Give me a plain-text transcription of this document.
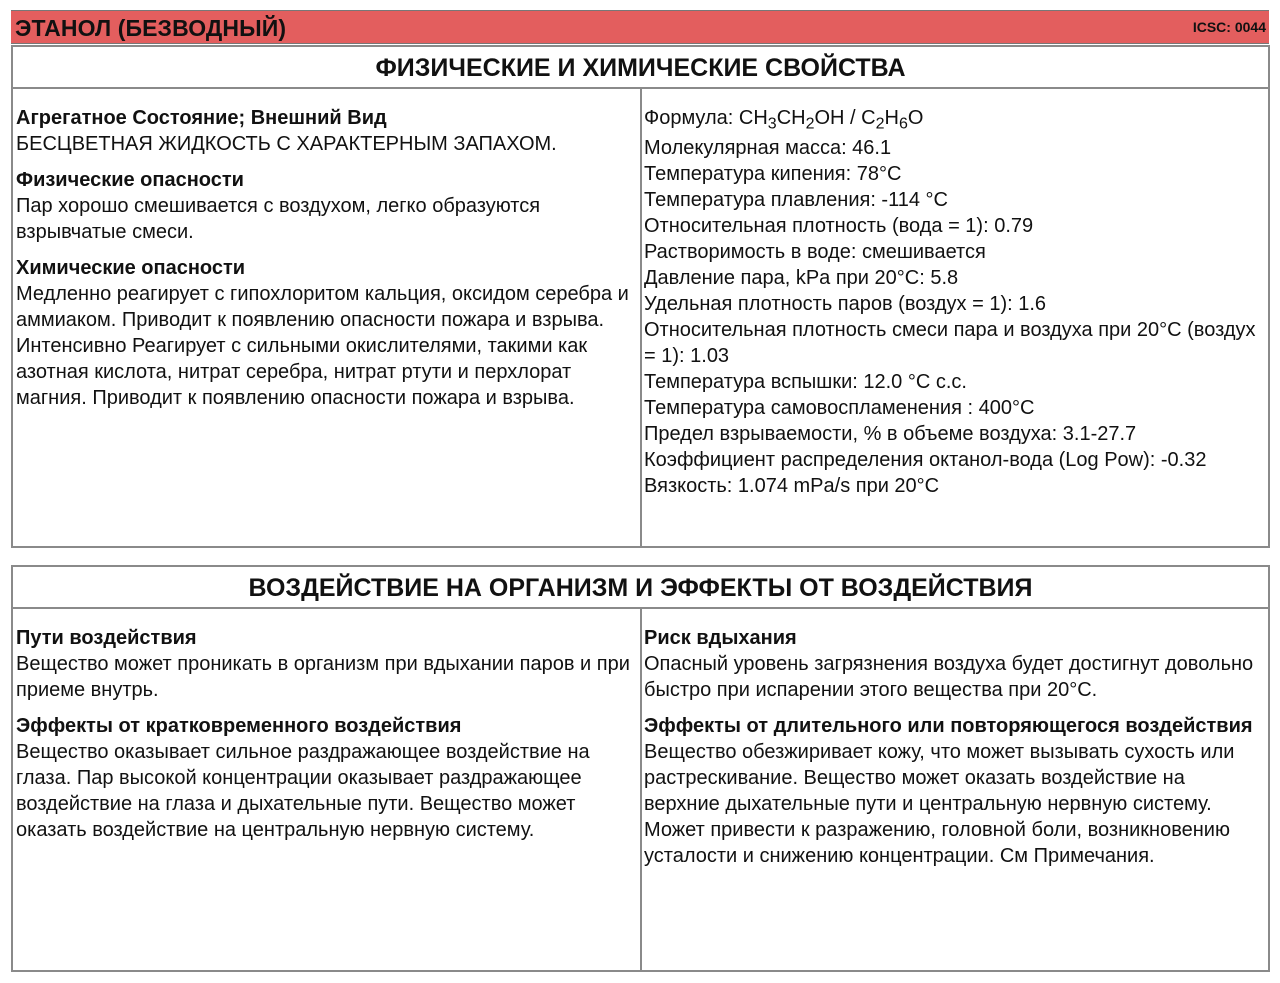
ЭТАНОЛ (БЕЗВОДНЫЙ)	ICSC: 0044
ФИЗИЧЕСКИЕ И ХИМИЧЕСКИЕ СВОЙСТВА
Агрегатное Состояние; Внешний Вид

БЕСЦВЕТНАЯ ЖИДКОСТЬ С ХАРАКТЕРНЫМ ЗАПАХОМ.

Физические опасности

Пар хорошо смешивается с воздухом, легко образуются взрывчатые смеси.

Химические опасности

Медленно реагирует с гипохлоритом кальция, оксидом серебра и аммиаком. Приводит к появлению опасности пожара и взрыва. Интенсивно Реагирует с сильными окислителями, такими как азотная кислота, нитрат серебра, нитрат ртути и перхлорат магния. Приводит к появлению опасности пожара и взрыва.

Формула: $CH_3CH_2OH / C_2H_6O$

Молекулярная масса: 46.1

Температура кипения: 78°C

Температура плавления: -114 °C

Относительная плотность (вода = 1): 0.79

Растворимость в воде: смешивается

Давление пара, kPa при 20°C: 5.8

Удельная плотность паров (воздух = 1): 1.6

Относительная плотность смеси пара и воздуха при 20°C (воздух = 1): 1.03

Температура вспышки: 12.0 °C c.c.

Температура самовоспламенения : 400°C

Предел взрываемости, % в объеме воздуха: 3.1-27.7

Коэффициент распределения октанол-вода (Log Pow): -0.32

Вязкость: 1.074 mPa/s при 20°C

ВОЗДЕЙСТВИЕ НА ОРГАНИЗМ И ЭФФЕКТЫ ОТ ВОЗДЕЙСТВИЯ
Пути воздействия

Вещество может проникать в организм при вдыхании паров и при приеме внутрь.

Эффекты от кратковременного воздействия

Вещество оказывает сильное раздражающее воздействие на глаза. Пар высокой концентрации оказывает раздражающее воздействие на глаза и дыхательные пути. Вещество может оказать воздействие на центральную нервную систему.

Риск вдыхания

Опасный уровень загрязнения воздуха будет достигнут довольно быстро при испарении этого вещества при 20°C.

Эффекты от длительного или повторяющегося воздействия

Вещество обезжиривает кожу, что может вызывать сухость или растрескивание. Вещество может оказать воздействие на верхние дыхательные пути и центральную нервную систему. Может привести к разражению, головной боли, возникновению усталости и снижению концентрации. См Примечания.
